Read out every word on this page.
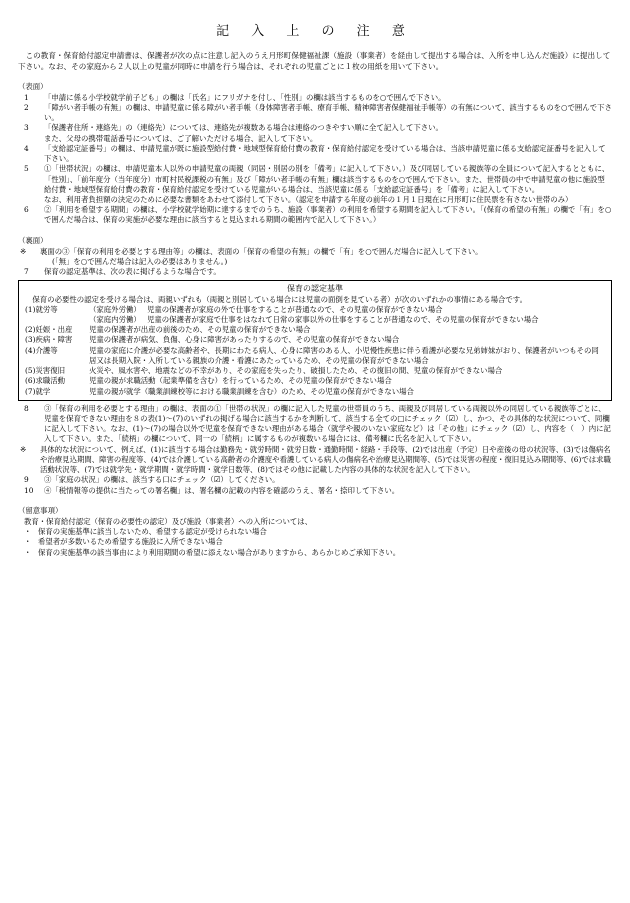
記 入 上 の 注 意
この教育・保育給付認定申請書は、保護者が次の点に注意し記入のうえ月形町保健福祉課（施設（事業者）を経由して提出する場合は、入所を申し込んだ施設）に提出して下さい。なお、その家庭から２人以上の児童が同時に申請を行う場合は、それぞれの児童ごとに１枚の用紙を用いて下さい。
（表面）
1	「申請に係る小学校就学前子ども」の欄は「氏名」にフリガナを付し、「性別」の欄は該当するものを○で囲んで下さい。
2	「障がい者手帳の有無」の欄は、申請児童に係る障がい者手帳（身体障害者手帳、療育手帳、精神障害者保健福祉手帳等）の有無について、該当するものを○で囲んで下さい。
3	「保護者住所・連絡先」の（連絡先）については、連絡先が複数ある場合は連絡のつきやすい順に全て記入して下さい。
また、父母の携帯電話番号については、ご了解いただける場合、記入して下さい。
4	「支給認定証番号」の欄は、申請児童が既に施設型給付費・地域型保育給付費の教育・保育給付認定を受けている場合は、当該申請児童に係る支給認定証番号を記入して下さい。
5	①「世帯状況」の欄は、申請児童本人以外の申請児童の両親（同居・別居の別を「備考」に記入して下さい。）及び同居している親族等の全員について記入するとともに、「性別」、「前年度分（当年度分）市町村民税課税の有無」及び「障がい者手帳の有無」欄は該当するものを○で囲んで下さい。また、世帯員の中で申請児童の他に施設型給付費・地域型保育給付費の教育・保育給付認定を受けている児童がいる場合は、当該児童に係る「支給認定証番号」を「備考」に記入して下さい。
なお、利用者負担額の決定のために必要な書類をあわせて添付して下さい。（認定を申請する年度の前年の１月１日現在に月形町に住民票を有さない世帯のみ）
6	②「利用を希望する期間」の欄は、小学校就学始期に達するまでのうち、施設（事業者）の利用を希望する期間を記入して下さい。「(保育の希望の有無」の欄で「有」を○で囲んだ場合は、保育の実施が必要な理由に該当すると見込まれる期間の範囲内で記入して下さい。）
（裏面）
※	裏面の③「保育の利用を必要とする理由等」の欄は、表面の「保育の希望の有無」の欄で「有」を○で囲んだ場合に記入して下さい。
(「無」を○で囲んだ場合は記入の必要はありません。)
7	保育の認定基準は、次の表に掲げるような場合です。
保育の認定基準
保育の必要性の認定を受ける場合は、両親いずれも（両親と別居している場合には児童の面倒を見ている者）が次のいずれかの事情にある場合です。
(1)就労等	（家庭外労働） 児童の保護者が家庭の外で仕事をすることが普通なので、その児童の保育ができない場合
（家庭内労働） 児童の保護者が家庭で仕事をはなれて日常の家事以外の仕事をすることが普通なので、その児童の保育ができない場合
(2)妊娠・出産	児童の保護者が出産の前後のため、その児童の保育ができない場合
(3)疾病・障害	児童の保護者が病気、負傷、心身に障害があったりするので、その児童の保育ができない場合
(4)介護等	児童の家庭に介護が必要な高齢者や、長期にわたる病人、心身に障害のある人、小児慢性疾患に伴う看護が必要な兄弟姉妹がおり、保護者がいつもその同居又は長期入院・入所している親族の介護・看護にあたっているため、その児童の保育ができない場合
(5)災害復旧	火災や、風水害や、地震などの不幸があり、その家庭を失ったり、破損したため、その復旧の間、児童の保育ができない場合
(6)求職活動	児童の親が求職活動（起業準備を含む）を行っているため、その児童の保育ができない場合
(7)就学	児童の親が就学（職業訓練校等における職業訓練を含む）のため、その児童の保育ができない場合
8	③「保育の利用を必要とする理由」の欄は、表面の①「世帯の状況」の欄に記入した児童の世帯員のうち、両親及び同居している両親以外の同居している親族等ごとに、児童を保育できない理由を８の表(1)〜(7)のいずれの掲げる場合に該当するかを判断して、該当する全ての□にチェック（☑）し、かつ、その具体的な状況について、同欄に記入して下さい。なお、(1)〜(7)の場合以外で児童を保育できない理由がある場合（就学や親のいない家庭など）は「その他」にチェック（☑）し、内容を（　）内に記入して下さい。また、「続柄」の欄について、同一の「続柄」に属するものが複数いる場合には、備考欄に氏名を記入して下さい。
※	具体的な状況について、例えば、(1)に該当する場合は勤務先・就労時間・就労日数・通勤時間・経路・手段等、(2)では出産（予定）日や産後の母の状況等、(3)では傷病名や治療見込期間、障害の程度等、(4)では介護している高齢者の介護度や看護している病人の傷病名や治療見込期間等、(5)では災害の程度・復旧見込み期間等、(6)では求職活動状況等、(7)では就学先・就学期間・就学時間・就学日数等、(8)ではその他に記載した内容の具体的な状況を記入して下さい。
9	③「家庭の状況」の欄は、該当する口にチェック（☑）してください。
10	④「税情報等の提供に当たっての署名欄」は、署名欄の記載の内容を確認のうえ、署名・捺印して下さい。
（留意事項）
教育・保育給付認定（保育の必要性の認定）及び施設（事業者）への入所については、
・ 保育の実施基準に該当しないため、希望する認定が受けられない場合
・ 希望者が多数いるため希望する施設に入所できない場合
・ 保育の実施基準の該当事由により利用期間の希望に添えない場合がありますから、あらかじめご承知下さい。
